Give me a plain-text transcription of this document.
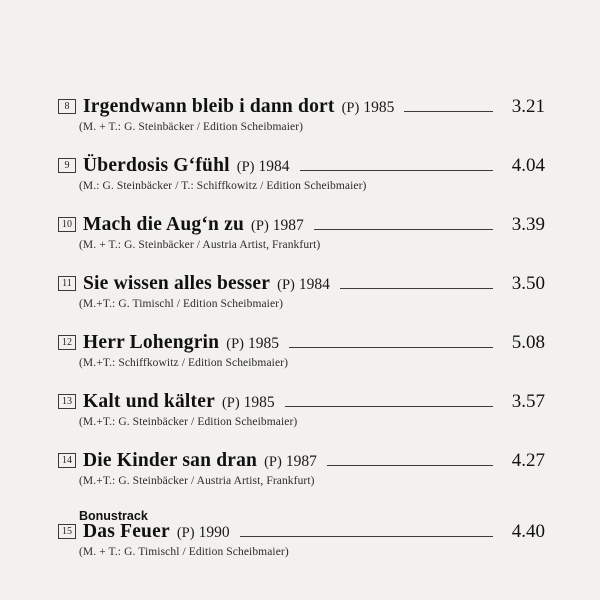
8 Irgendwann bleib i dann dort (P) 1985	3.21
(M. + T.: G. Steinbäcker / Edition Scheibmaier)
9 Überdosis G‘fühl (P) 1984	4.04
(M.: G. Steinbäcker / T.: Schiffkowitz / Edition Scheibmaier)
10 Mach die Aug‘n zu (P) 1987	3.39
(M. + T.: G. Steinbäcker / Austria Artist, Frankfurt)
11 Sie wissen alles besser (P) 1984	3.50
(M.+T.: G. Timischl / Edition Scheibmaier)
12 Herr Lohengrin (P) 1985	5.08
(M.+T.: Schiffkowitz / Edition Scheibmaier)
13 Kalt und kälter (P) 1985	3.57
(M.+T.: G. Steinbäcker / Edition Scheibmaier)
14 Die Kinder san dran (P) 1987	4.27
(M.+T.: G. Steinbäcker / Austria Artist, Frankfurt)
Bonustrack
15 Das Feuer (P) 1990	4.40
(M. + T.: G. Timischl / Edition Scheibmaier)
